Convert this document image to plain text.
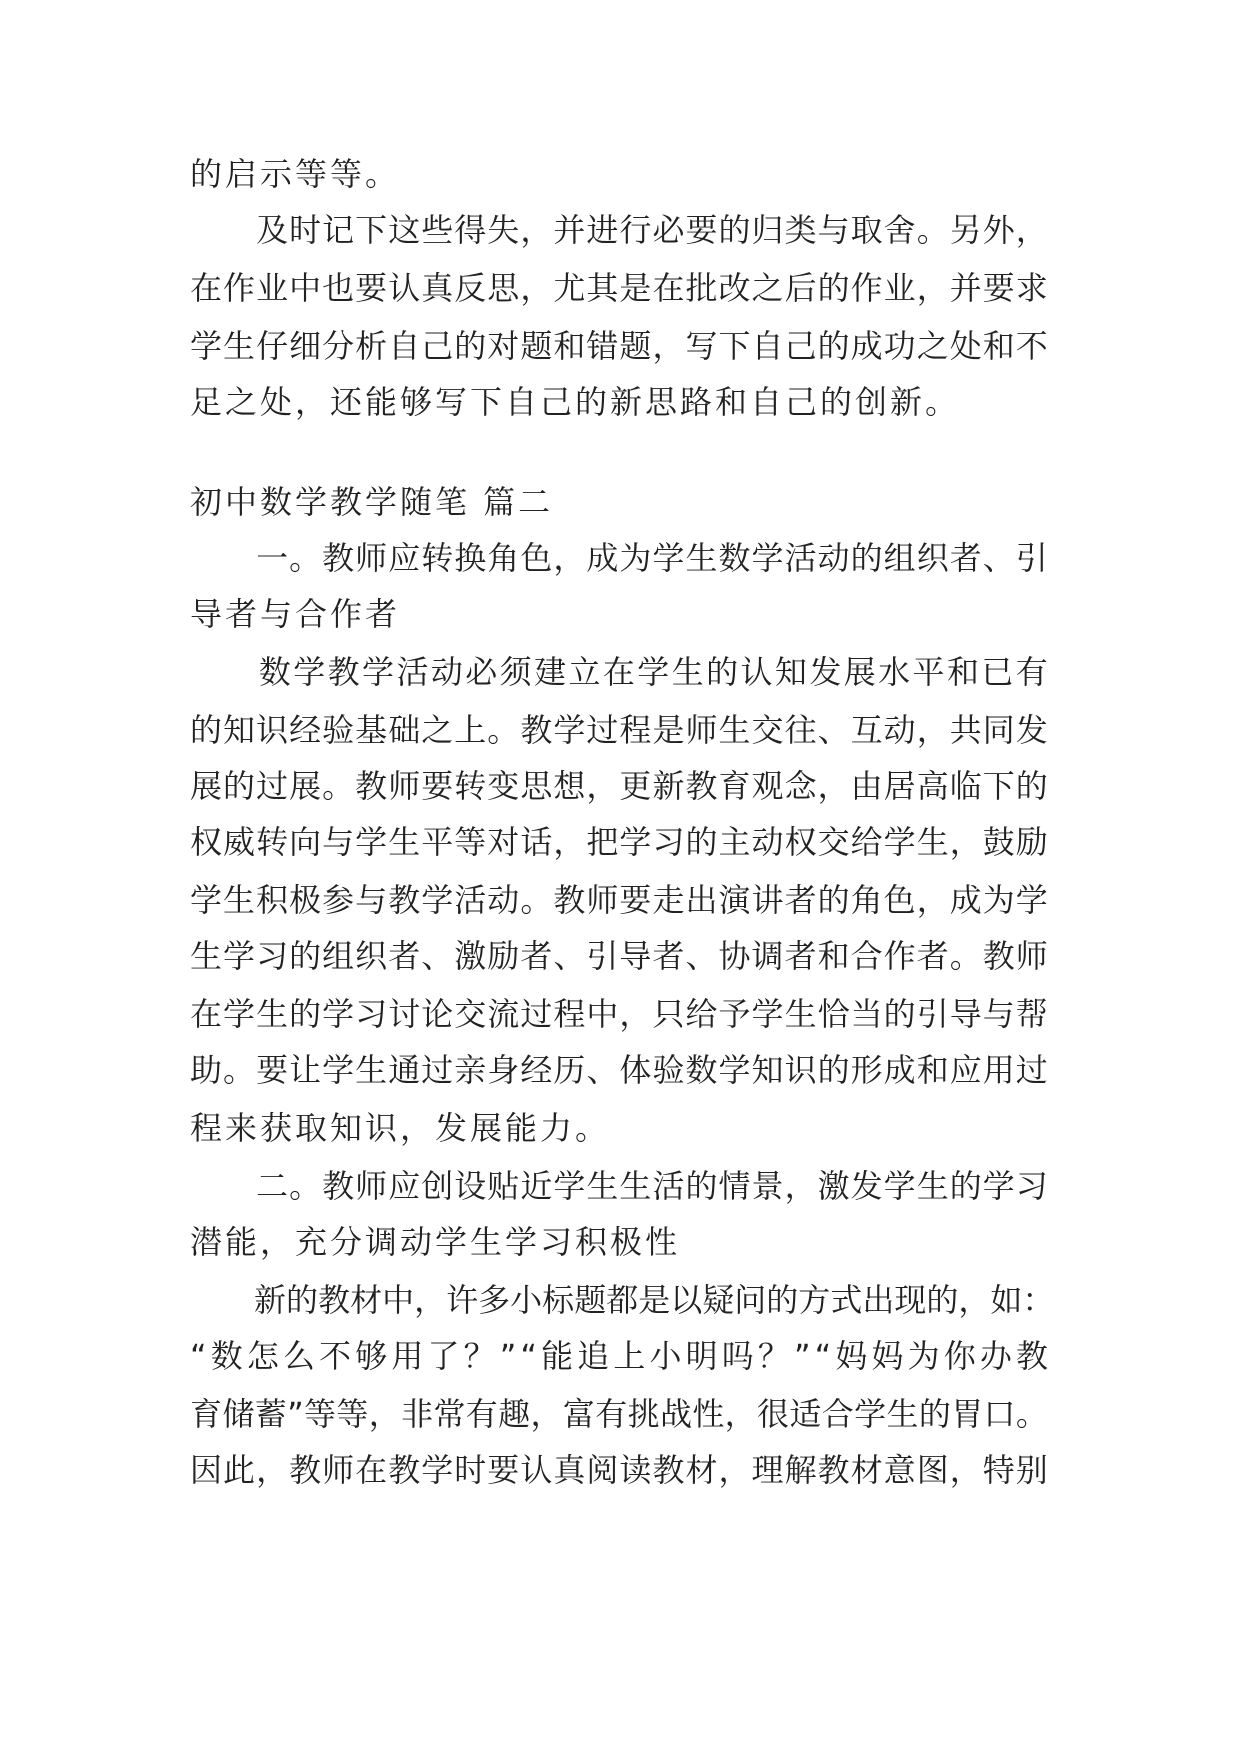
的启示等等。

及 时 记 下 这 些 得 失 ， 并 进 行 必 要 的 归 类 与 取 舍 。 另 外 ，
在 作 业 中 也 要 认 真 反 思 ， 尤 其 是 在 批 改 之 后 的 作 业 ， 并 要 求
学 生 仔 细 分 析 自 己 的 对 题 和 错 题 ， 写 下 自 己 的 成 功 之 处 和 不
足之处，还能够写下自己的新思路和自己的创新。
初中数学教学随笔 篇二

一 。 教 师 应 转 换 角 色 ， 成 为 学 生 数 学 活 动 的 组 织 者 、 引
导者与合作者

数 学 教 学 活 动 必 须 建 立 在 学 生 的 认 知 发 展 水 平 和 已 有
的 知 识 经 验 基 础 之 上 。 教 学 过 程 是 师 生 交 往 、 互 动 ， 共 同 发
展 的 过 展 。 教 师 要 转 变 思 想 ， 更 新 教 育 观 念 ， 由 居 高 临 下 的
权 威 转 向 与 学 生 平 等 对 话 ， 把 学 习 的 主 动 权 交 给 学 生 ， 鼓 励
学 生 积 极 参 与 教 学 活 动 。 教 师 要 走 出 演 讲 者 的 角 色 ， 成 为 学
生 学 习 的 组 织 者 、 激 励 者 、 引 导 者 、 协 调 者 和 合 作 者 。 教 师
在 学 生 的 学 习 讨 论 交 流 过 程 中 ， 只 给 予 学 生 恰 当 的 引 导 与 帮
助 。 要 让 学 生 通 过 亲 身 经 历 、 体 验 数 学 知 识 的 形 成 和 应 用 过
程来获取知识，发展能力。

二 。 教 师 应 创 设 贴 近 学 生 生 活 的 情 景 ， 激 发 学 生 的 学 习
潜能，充分调动学生学习积极性

新 的 教 材 中 ， 许 多 小 标 题 都 是 以 疑 问 的 方 式 出 现 的 ， 如 ：
“ 数 怎 么 不 够 用 了 ？ ” “ 能 追 上 小 明 吗 ？ ” “ 妈 妈 为 你 办 教
育 储 蓄 ” 等 等 ， 非 常 有 趣 ， 富 有 挑 战 性 ， 很 适 合 学 生 的 胃 口 。
因 此 ， 教 师 在 教 学 时 要 认 真 阅 读 教 材 ， 理 解 教 材 意 图 ， 特 别
